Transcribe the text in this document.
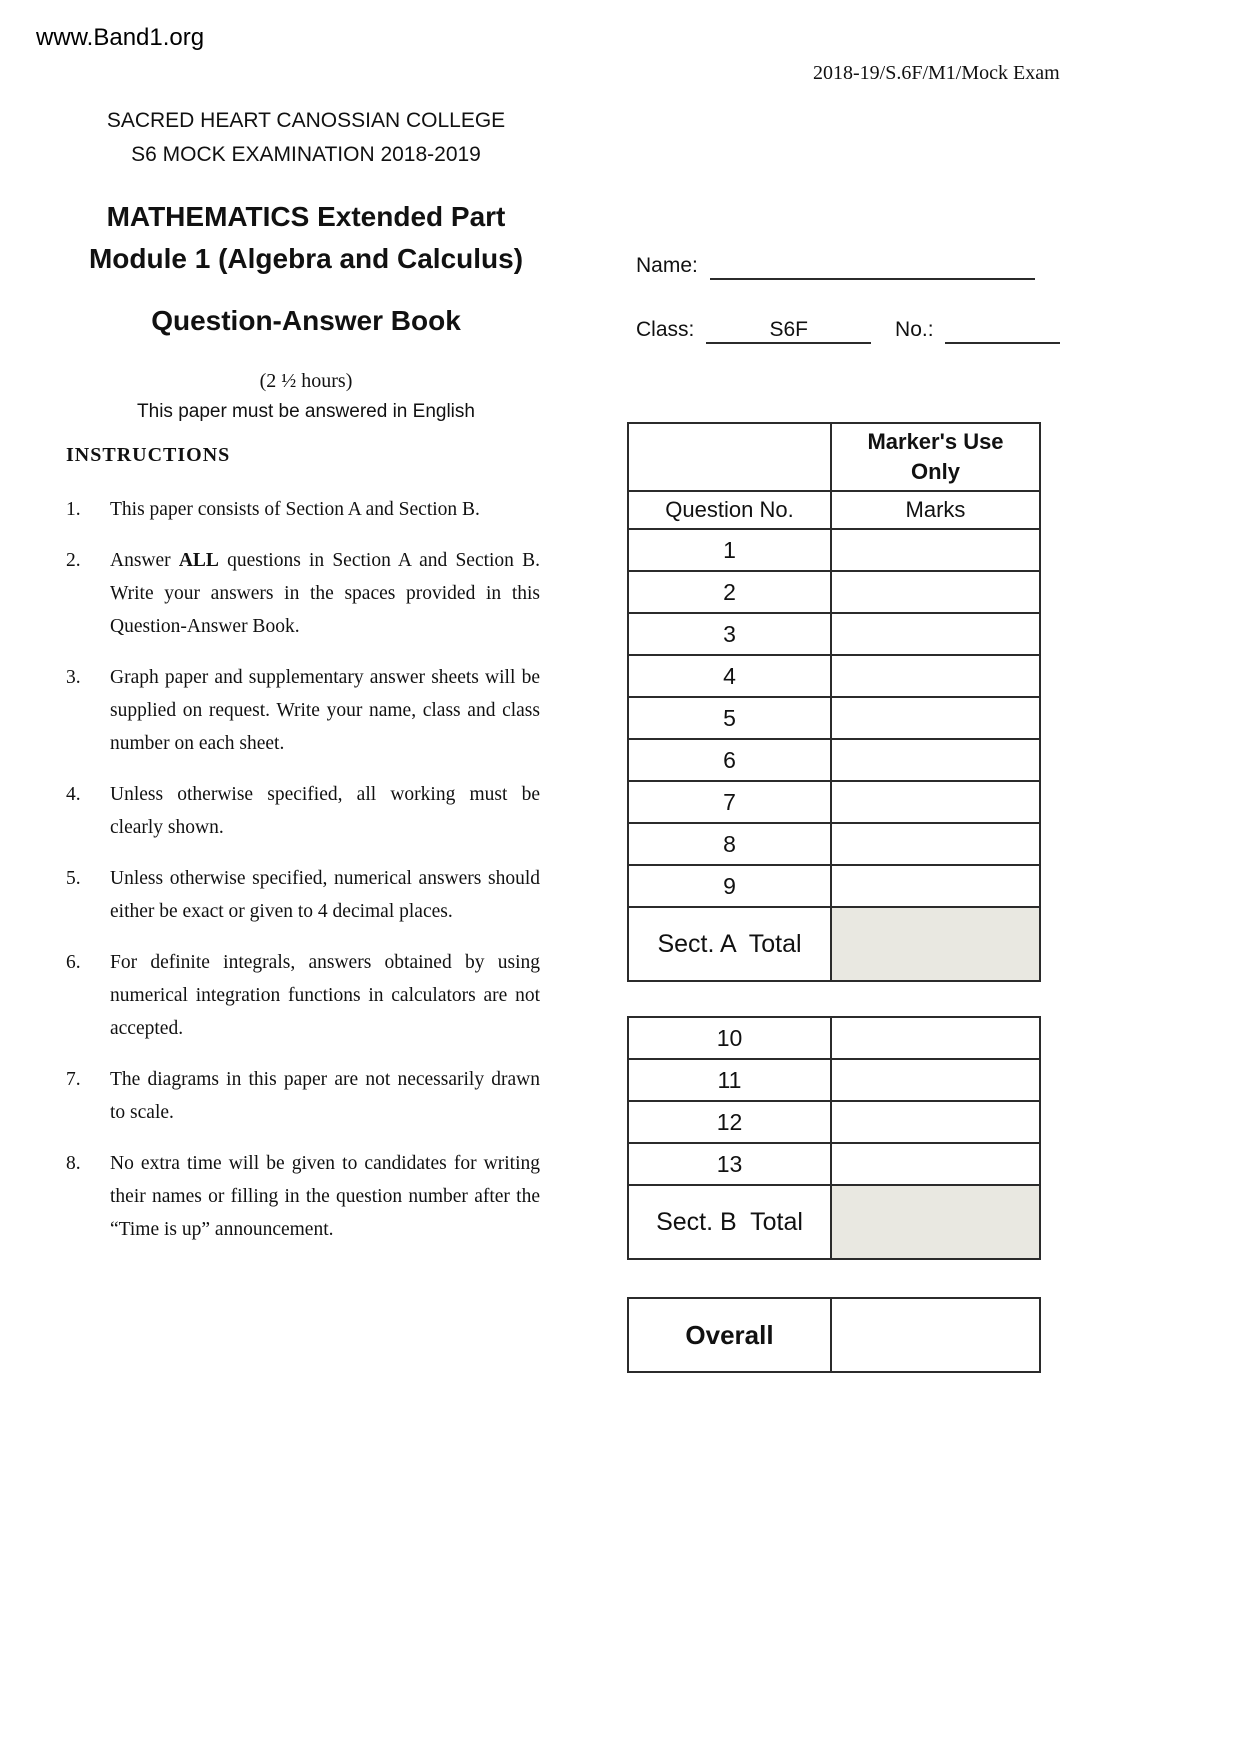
www.Band1.org
2018-19/S.6F/M1/Mock Exam
SACRED HEART CANOSSIAN COLLEGE
S6 MOCK EXAMINATION 2018-2019
MATHEMATICS Extended Part
Module 1 (Algebra and Calculus)
Question-Answer Book
(2 ½ hours)
This paper must be answered in English
Name:
Class:	S6F	No.:
INSTRUCTIONS
1.	This paper consists of Section A and Section B.
2.	Answer ALL questions in Section A and Section B. Write your answers in the spaces provided in this Question-Answer Book.
3.	Graph paper and supplementary answer sheets will be supplied on request. Write your name, class and class number on each sheet.
4.	Unless otherwise specified, all working must be clearly shown.
5.	Unless otherwise specified, numerical answers should either be exact or given to 4 decimal places.
6.	For definite integrals, answers obtained by using numerical integration functions in calculators are not accepted.
7.	The diagrams in this paper are not necessarily drawn to scale.
8.	No extra time will be given to candidates for writing their names or filling in the question number after the “Time is up” announcement.

	Marker's Use
Only

Question No.	Marks
1	
2	
3	
4	
5	
6	
7	
8	
9	
Sect. A  Total	
10	
11	
12	
13	
Sect. B  Total	
Overall	
